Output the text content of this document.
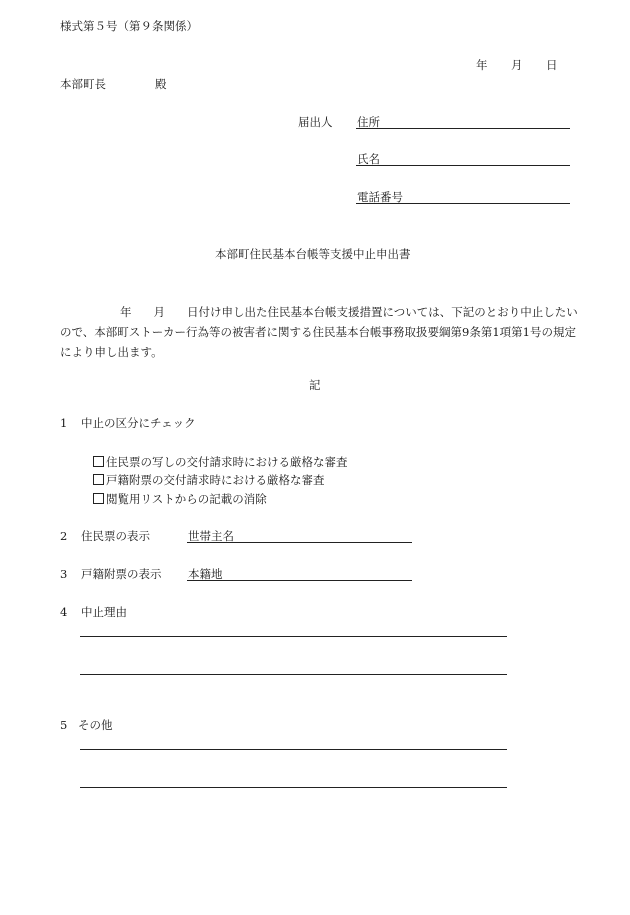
様式第５号（第９条関係）
年 月 日
本部町長	殿
届出人 住所
氏名
電話番号
本部町住民基本台帳等支援中止申出書
年 月 日付け申し出た住民基本台帳支援措置については、下記のとおり中止したいので、本部町ストーカー行為等の被害者に関する住民基本台帳事務取扱要綱第9条第1項第1号の規定により申し出ます。
記
1 中止の区分にチェック
住民票の写しの交付請求時における厳格な審査
戸籍附票の交付請求時における厳格な審査
閲覧用リストからの記載の消除
2 住民票の表示	世帯主名
3 戸籍附票の表示 本籍地
4 中止理由
5 その他
